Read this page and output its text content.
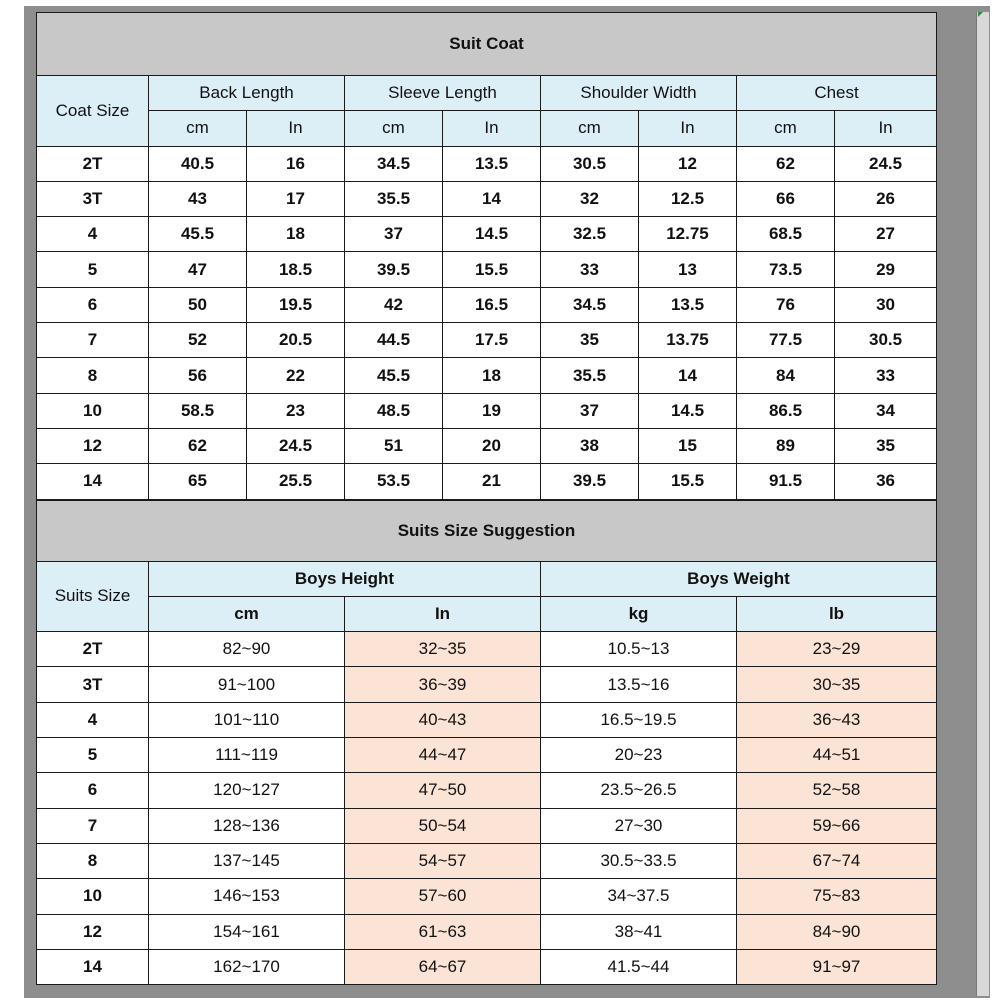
Suit Coat								
Coat Size	Back Length		Sleeve Length		Shoulder Width		Chest	
	cm	In	cm	In	cm	In	cm	In
2T	40.5	16	34.5	13.5	30.5	12	62	24.5
3T	43	17	35.5	14	32	12.5	66	26
4	45.5	18	37	14.5	32.5	12.75	68.5	27
5	47	18.5	39.5	15.5	33	13	73.5	29
6	50	19.5	42	16.5	34.5	13.5	76	30
7	52	20.5	44.5	17.5	35	13.75	77.5	30.5
8	56	22	45.5	18	35.5	14	84	33
10	58.5	23	48.5	19	37	14.5	86.5	34
12	62	24.5	51	20	38	15	89	35
14	65	25.5	53.5	21	39.5	15.5	91.5	36
Suits Size Suggestion				
Suits Size	Boys Height		Boys Weight	
	cm	In	kg	lb
2T	82~90	32~35	10.5~13	23~29
3T	91~100	36~39	13.5~16	30~35
4	101~110	40~43	16.5~19.5	36~43
5	111~119	44~47	20~23	44~51
6	120~127	47~50	23.5~26.5	52~58
7	128~136	50~54	27~30	59~66
8	137~145	54~57	30.5~33.5	67~74
10	146~153	57~60	34~37.5	75~83
12	154~161	61~63	38~41	84~90
14	162~170	64~67	41.5~44	91~97
